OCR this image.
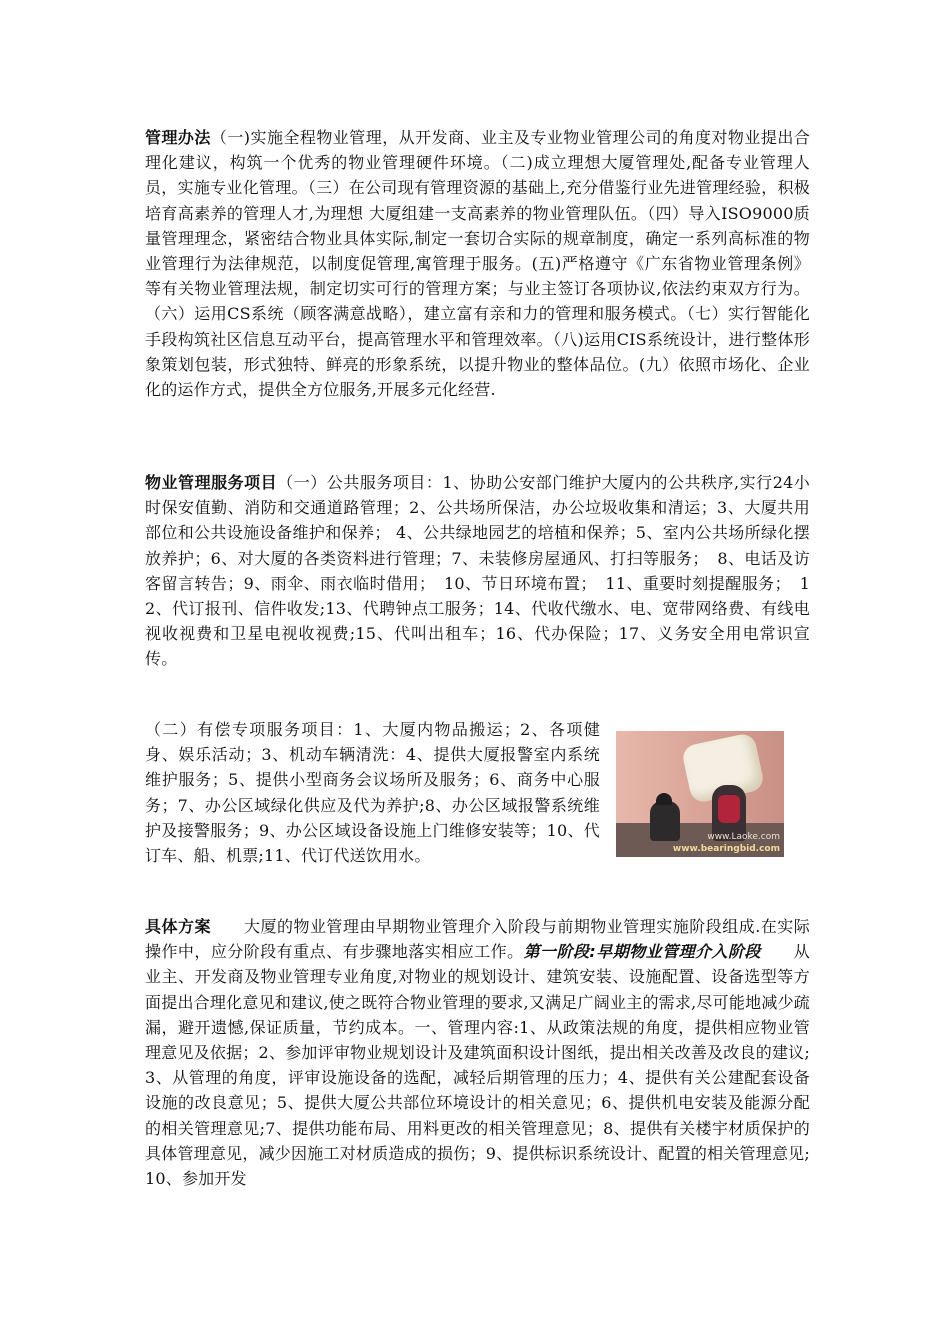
管理办法（一)实施全程物业管理，从开发商、业主及专业物业管理公司的角度对物业提出合理化建议，构筑一个优秀的物业管理硬件环境。（二)成立理想大厦管理处,配备专业管理人员，实施专业化管理。（三）在公司现有管理资源的基础上,充分借鉴行业先进管理经验，积极培育高素养的管理人才,为理想 大厦组建一支高素养的物业管理队伍。（四）导入ISO9000质量管理理念，紧密结合物业具体实际,制定一套切合实际的规章制度，确定一系列高标准的物业管理行为法律规范，以制度促管理,寓管理于服务。(五)严格遵守《广东省物业管理条例》等有关物业管理法规，制定切实可行的管理方案；与业主签订各项协议,依法约束双方行为。（六）运用CS系统（顾客满意战略），建立富有亲和力的管理和服务模式。（七）实行智能化手段构筑社区信息互动平台，提高管理水平和管理效率。（八)运用CIS系统设计，进行整体形象策划包装，形式独特、鲜亮的形象系统，以提升物业的整体品位。(九）依照市场化、企业化的运作方式，提供全方位服务,开展多元化经营.

物业管理服务项目（一）公共服务项目：1、协助公安部门维护大厦内的公共秩序,实行24小时保安值勤、消防和交通道路管理；2、公共场所保洁，办公垃圾收集和清运；3、大厦共用部位和公共设施设备维护和保养； 4、公共绿地园艺的培植和保养；5、室内公共场所绿化摆放养护；6、对大厦的各类资料进行管理；7、未装修房屋通风、打扫等服务；　8、电话及访客留言转告；9、雨伞、雨衣临时借用；　10、节日环境布置；　11、重要时刻提醒服务；　12、代订报刊、信件收发;13、代聘钟点工服务；14、代收代缴水、电、宽带网络费、有线电视收视费和卫星电视收视费;15、代叫出租车；16、代办保险；17、义务安全用电常识宣传。

（二）有偿专项服务项目：1、大厦内物品搬运；2、各项健身、娱乐活动；3、机动车辆清洗：4、提供大厦报警室内系统维护服务；5、提供小型商务会议场所及服务；6、商务中心服务；7、办公区域绿化供应及代为养护;8、办公区域报警系统维护及接警服务；9、办公区域设备设施上门维修安装等；10、代订车、船、机票;11、代订代送饮用水。

www.Laoke.com
www.bearingbid.com

具体方案　　大厦的物业管理由早期物业管理介入阶段与前期物业管理实施阶段组成.在实际操作中，应分阶段有重点、有步骤地落实相应工作。第一阶段:早期物业管理介入阶段　　从业主、开发商及物业管理专业角度,对物业的规划设计、建筑安装、设施配置、设备选型等方面提出合理化意见和建议,使之既符合物业管理的要求,又满足广阔业主的需求,尽可能地减少疏漏，避开遗憾,保证质量，节约成本。一、管理内容:1、从政策法规的角度，提供相应物业管理意见及依据；2、参加评审物业规划设计及建筑面积设计图纸，提出相关改善及改良的建议;3、从管理的角度，评审设施设备的选配，减轻后期管理的压力；4、提供有关公建配套设备设施的改良意见；5、提供大厦公共部位环境设计的相关意见；6、提供机电安装及能源分配的相关管理意见;7、提供功能布局、用料更改的相关管理意见；8、提供有关楼宇材质保护的具体管理意见，减少因施工对材质造成的损伤；9、提供标识系统设计、配置的相关管理意见;10、参加开发
